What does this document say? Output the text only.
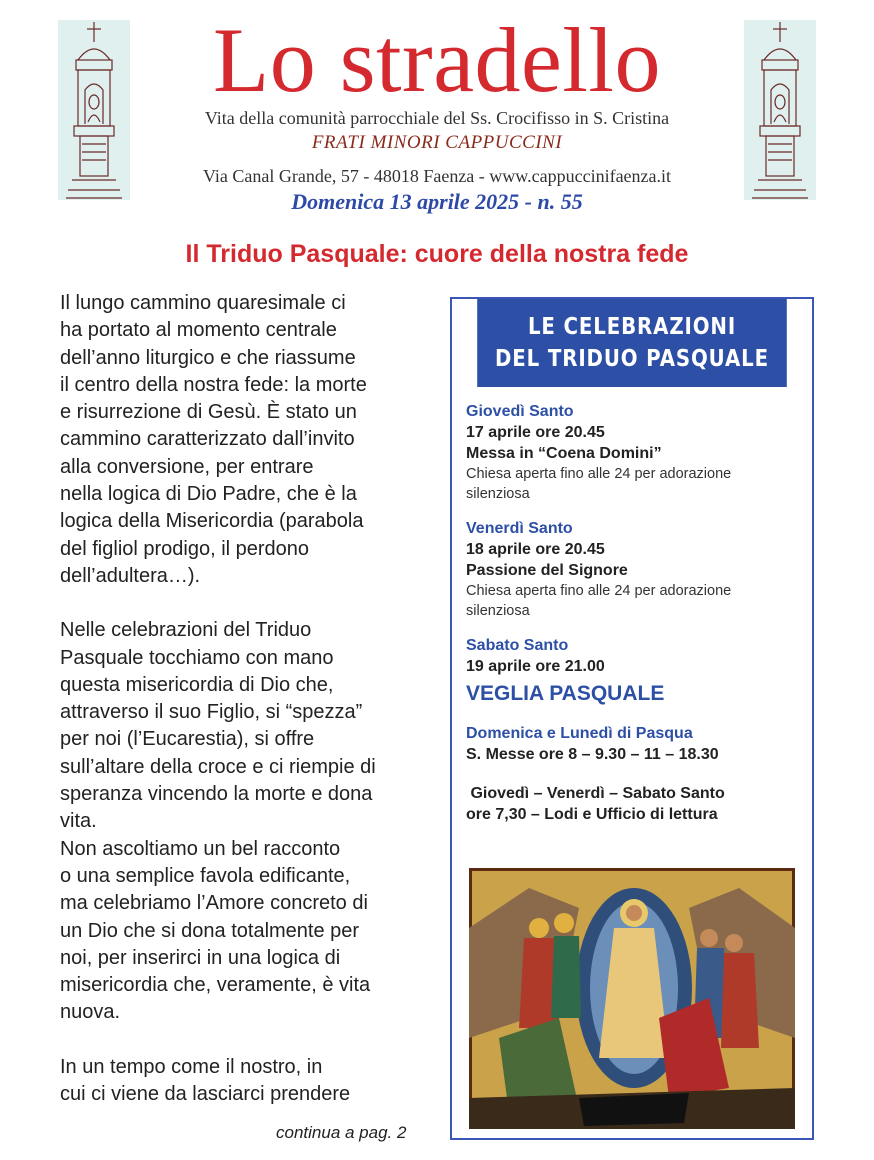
Lo stradello
Vita della comunità parrocchiale del Ss. Crocifisso in S. Cristina
FRATI MINORI CAPPUCCINI
Via Canal Grande, 57 - 48018 Faenza - www.cappuccinifaenza.it
Domenica 13 aprile 2025 - n. 55
Il Triduo Pasquale: cuore della nostra fede

Il lungo cammino quaresimale ci

ha portato al momento centrale

dell’anno liturgico e che riassume

il centro della nostra fede: la morte

e risurrezione di Gesù. È stato un

cammino caratterizzato dall’invito

alla conversione, per entrare

nella logica di Dio Padre, che è la

logica della Misericordia (parabola

del figliol prodigo, il perdono

dell’adultera…).

Nelle celebrazioni del Triduo

Pasquale tocchiamo con mano

questa misericordia di Dio che,

attraverso il suo Figlio, si “spezza”

per noi (l’Eucarestia), si offre

sull’altare della croce e ci riempie di

speranza vincendo la morte e dona

vita.

Non ascoltiamo un bel racconto

o una semplice favola edificante,

ma celebriamo l’Amore concreto di

un Dio che si dona totalmente per

noi, per inserirci in una logica di

misericordia che, veramente, è vita

nuova.

In un tempo come il nostro, in

cui ci viene da lasciarci prendere

continua a pag. 2
LE CELEBRAZIONI
DEL TRIDUO PASQUALE
Giovedì Santo
17 aprile ore 20.45
Messa in “Coena Domini”
Chiesa aperta fino alle 24 per adorazione
silenziosa
Venerdì Santo
18 aprile ore 20.45
Passione del Signore
Chiesa aperta fino alle 24 per adorazione
silenziosa
Sabato Santo
19 aprile ore 21.00
VEGLIA PASQUALE
Domenica e Lunedì di Pasqua
S. Messe ore 8 – 9.30 – 11 – 18.30
Giovedì – Venerdì – Sabato Santo
ore 7,30 – Lodi e Ufficio di lettura
